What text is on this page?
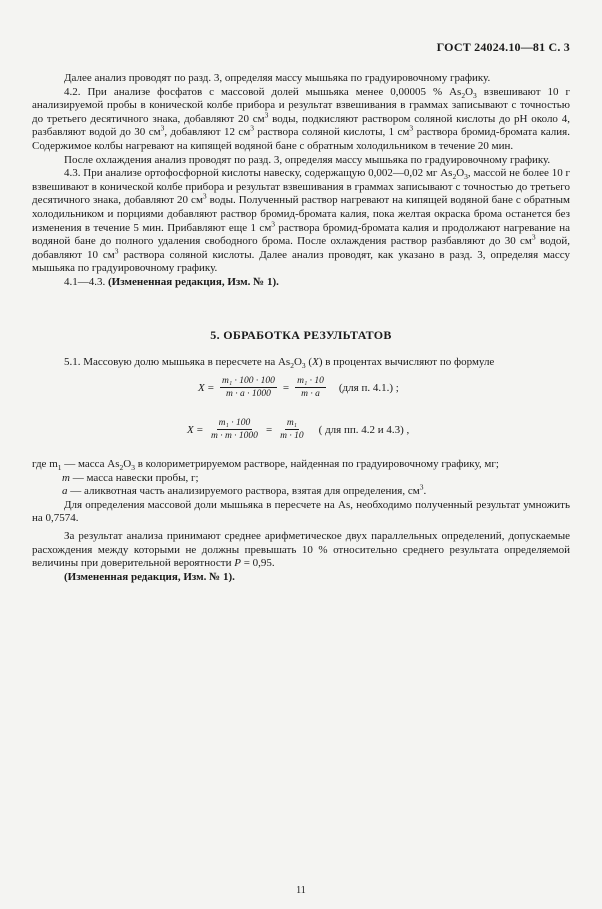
ГОСТ 24024.10—81 С. 3

Далее анализ проводят по разд. 3, определяя массу мышьяка по градуировочному графику.

4.2. При анализе фосфатов с массовой долей мышьяка менее 0,00005 % $As_2O_3$ взвешивают 10 г анализируемой пробы в конической колбе прибора и результат взвешивания в граммах записывают с точностью до третьего десятичного знака, добавляют 20 $см^3$ воды, подкисляют раствором соляной кислоты до pH около 4, разбавляют водой до 30 $см^3$, добавляют 12 $см^3$ раствора соляной кислоты, 1 $см^3$ раствора бромид-бромата калия. Содержимое колбы нагревают на кипящей водяной бане с обратным холодильником в течение 20 мин.

После охлаждения анализ проводят по разд. 3, определяя массу мышьяка по градуировочному графику.

4.3. При анализе ортофосфорной кислоты навеску, содержащую 0,002—0,02 мг $As_2O_3$, массой не более 10 г взвешивают в конической колбе прибора и результат взвешивания в граммах записывают с точностью до третьего десятичного знака, добавляют 20 $см^3$ воды. Полученный раствор нагревают на кипящей водяной бане с обратным холодильником и порциями добавляют раствор бромид-бромата калия, пока желтая окраска брома останется без изменения в течение 5 мин. Прибавляют еще 1 $см^3$ раствора бромид-бромата калия и продолжают нагревание на водяной бане до полного удаления свободного брома. После охлаждения раствор разбавляют до 30 $см^3$ водой, добавляют 10 $см^3$ раствора соляной кислоты. Далее анализ проводят, как указано в разд. 3, определяя массу мышьяка по градуировочному графику.

4.1—4.3. (Измененная редакция, Изм. № 1).

5. ОБРАБОТКА РЕЗУЛЬТАТОВ

5.1. Массовую долю мышьяка в пересчете на $As_2O_3$ (X) в процентах вычисляют по формуле

$X = \frac{\text{m₁ · 100 · 100}}{m \cdot a \cdot 1000} = \frac{\text{m₁ · 10}}{m \cdot a} (для$ п. 4.1.) ;
$X = \frac{\text{m₁ · 100}}{m \cdot m \cdot 1000} = \frac{\text{m₁}}{m \cdot 10}$ ( для пп. 4.2 и 4.3) ,

где $m_1$ — масса $As_2O_3$ в колориметрируемом растворе, найденная по градуировочному графику, мг;

m — масса навески пробы, г;

a — аликвотная часть анализируемого раствора, взятая для определения, $см^3$.

Для определения массовой доли мышьяка в пересчете на As, необходимо полученный результат умножить на 0,7574.

За результат анализа принимают среднее арифметическое двух параллельных определений, допускаемые расхождения между которыми не должны превышать 10 % относительно среднего результата определяемой величины при доверительной вероятности P = 0,95.

(Измененная редакция, Изм. № 1).

11
